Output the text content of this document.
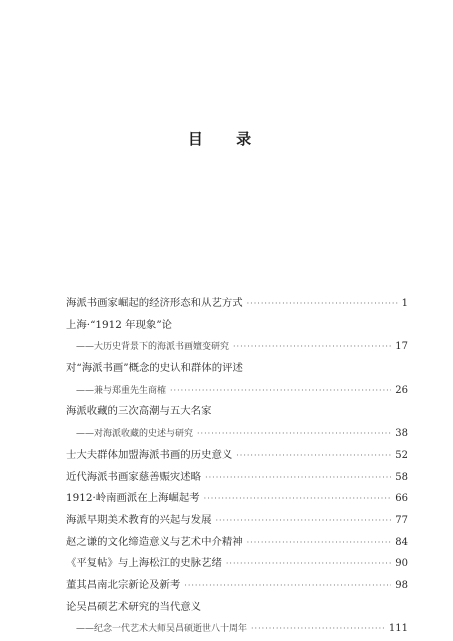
目 录
海派书画家崛起的经济形态和从艺方式 ·····	1
上海·“1912 年现象”论
——大历史背景下的海派书画嬗变研究 ·····	17
对“海派书画”概念的史认和群体的评述
——兼与郑重先生商榷 ·····	26
海派收藏的三次高潮与五大名家
——对海派收藏的史述与研究 ·····	38
士大夫群体加盟海派书画的历史意义 ·····	52
近代海派书画家慈善赈灾述略 ·····	58
1912·岭南画派在上海崛起考 ·····	66
海派早期美术教育的兴起与发展 ·····	77
赵之谦的文化缔造意义与艺术中介精神 ·····	84
《平复帖》与上海松江的史脉艺绪 ·····	90
董其昌南北宗新论及新考 ·····	98
论吴昌硕艺术研究的当代意义
——纪念一代艺术大师吴昌硕逝世八十周年 ·····	111
